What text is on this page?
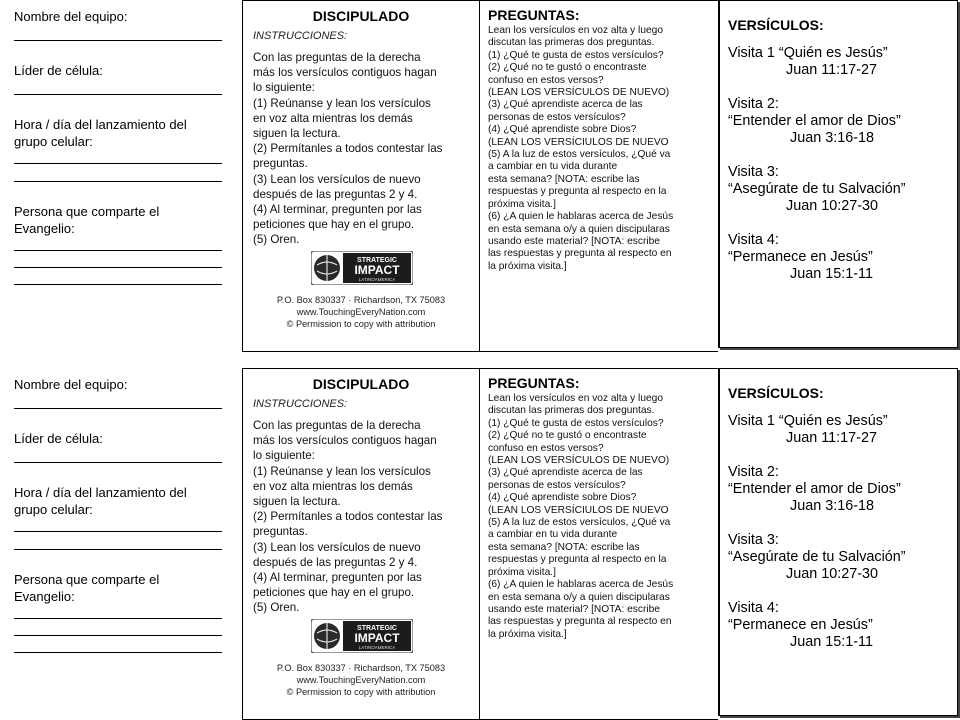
Nombre del equipo:
Líder de célula:
Hora / día del lanzamiento del
grupo celular:
Persona que comparte el
Evangelio:
DISCIPULADO
INSTRUCCIONES:
Con las preguntas de la derecha
más los versículos contiguos hagan
lo siguiente:
(1) Reúnanse y lean los versículos
en voz alta mientras los demás
siguen la lectura.
(2) Permítanles a todos contestar las
preguntas.
(3) Lean los versículos de nuevo
después de las preguntas 2 y 4.
(4) Al terminar, pregunten por las
peticiones que hay en el grupo.
(5) Oren.
STRATEGIC
IMPACT
LATINOAMERICA
P.O. Box 830337 · Richardson, TX 75083
www.TouchingEveryNation.com
© Permission to copy with attribution
PREGUNTAS:
Lean los versículos en voz alta y luego
discutan las primeras dos preguntas.
(1) ¿Qué te gusta de estos versículos?
(2) ¿Qué no te gustó o encontraste
confuso en estos versos?
(LEAN LOS VERSÍCULOS DE NUEVO)
(3) ¿Qué aprendiste acerca de las
personas de estos versículos?
(4) ¿Qué aprendiste sobre Dios?
(LEAN LOS VERSÍCIULOS DE NUEVO
(5) A la luz de estos versículos, ¿Qué va
a cambiar en tu vida durante
esta semana? [NOTA: escribe las
respuestas y pregunta al respecto en la
próxima visita.]
(6) ¿A quien le hablaras acerca de Jesús
en esta semana o/y a quien discipularas
usando este material? [NOTA: escribe
las respuestas y pregunta al respecto en
la próxima visita.]
VERSÍCULOS:
Visita 1 “Quién es Jesús”
Juan 11:17-27
Visita 2:
“Entender el amor de Dios”
Juan 3:16-18
Visita 3:
“Asegúrate de tu Salvación”
Juan 10:27-30
Visita 4:
“Permanece en Jesús”
Juan 15:1-11
Nombre del equipo:
Líder de célula:
Hora / día del lanzamiento del
grupo celular:
Persona que comparte el
Evangelio:
DISCIPULADO
INSTRUCCIONES:
Con las preguntas de la derecha
más los versículos contiguos hagan
lo siguiente:
(1) Reúnanse y lean los versículos
en voz alta mientras los demás
siguen la lectura.
(2) Permítanles a todos contestar las
preguntas.
(3) Lean los versículos de nuevo
después de las preguntas 2 y 4.
(4) Al terminar, pregunten por las
peticiones que hay en el grupo.
(5) Oren.
STRATEGIC
IMPACT
LATINOAMERICA
P.O. Box 830337 · Richardson, TX 75083
www.TouchingEveryNation.com
© Permission to copy with attribution
PREGUNTAS:
Lean los versículos en voz alta y luego
discutan las primeras dos preguntas.
(1) ¿Qué te gusta de estos versículos?
(2) ¿Qué no te gustó o encontraste
confuso en estos versos?
(LEAN LOS VERSÍCULOS DE NUEVO)
(3) ¿Qué aprendiste acerca de las
personas de estos versículos?
(4) ¿Qué aprendiste sobre Dios?
(LEAN LOS VERSÍCIULOS DE NUEVO
(5) A la luz de estos versículos, ¿Qué va
a cambiar en tu vida durante
esta semana? [NOTA: escribe las
respuestas y pregunta al respecto en la
próxima visita.]
(6) ¿A quien le hablaras acerca de Jesús
en esta semana o/y a quien discipularas
usando este material? [NOTA: escribe
las respuestas y pregunta al respecto en
la próxima visita.]
VERSÍCULOS:
Visita 1 “Quién es Jesús”
Juan 11:17-27
Visita 2:
“Entender el amor de Dios”
Juan 3:16-18
Visita 3:
“Asegúrate de tu Salvación”
Juan 10:27-30
Visita 4:
“Permanece en Jesús”
Juan 15:1-11
